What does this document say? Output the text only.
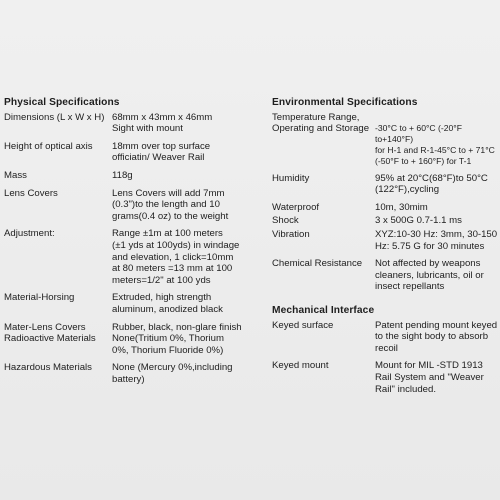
Physical Specifications
Dimensions (L x W x H) 68mm x 43mm x 46mm
Sight with mount
Height of optical axis	18mm over top surface
officiatin/ Weaver Rail
Mass	118g
Lens Covers	Lens Covers will add 7mm
(0.3")to the length and 10
grams(0.4 oz) to the weight
Adjustment:	Range ±1m at 100 meters
(±1 yds at 100yds) in windage
and elevation, 1 click=10mm
at 80 meters =13 mm at 100
meters=1/2" at 100 yds
Material-Horsing	Extruded, high strength
aluminum, anodized black
Mater-Lens Covers	Rubber, black, non-glare finish
Radioactive Materials	None(Tritium 0%, Thorium
0%, Thorium Fluoride 0%)
Hazardous Materials	None (Mercury 0%,including
battery)
Environmental Specifications
Temperature Range,
Operating and Storage
-30°C to + 60°C (-20°F to+140°F)
for H-1 and R-1-45°C to + 71°C
(-50°F to + 160°F) for T-1
Humidity	95% at 20°C(68°F)to 50°C
(122°F),cycling
Waterproof	10m, 30mim
Shock	3 x 500G 0.7-1.1 ms
Vibration	XYZ:10-30 Hz: 3mm, 30-150
Hz: 5.75 G for 30 minutes
Chemical Resistance	Not affected by weapons
cleaners, lubricants, oil or
insect repellants
Mechanical Interface
Keyed surface	Patent pending mount keyed
to the sight body to absorb
recoil
Keyed mount	Mount for MIL -STD 1913
Rail System and "Weaver
Rail" included.
